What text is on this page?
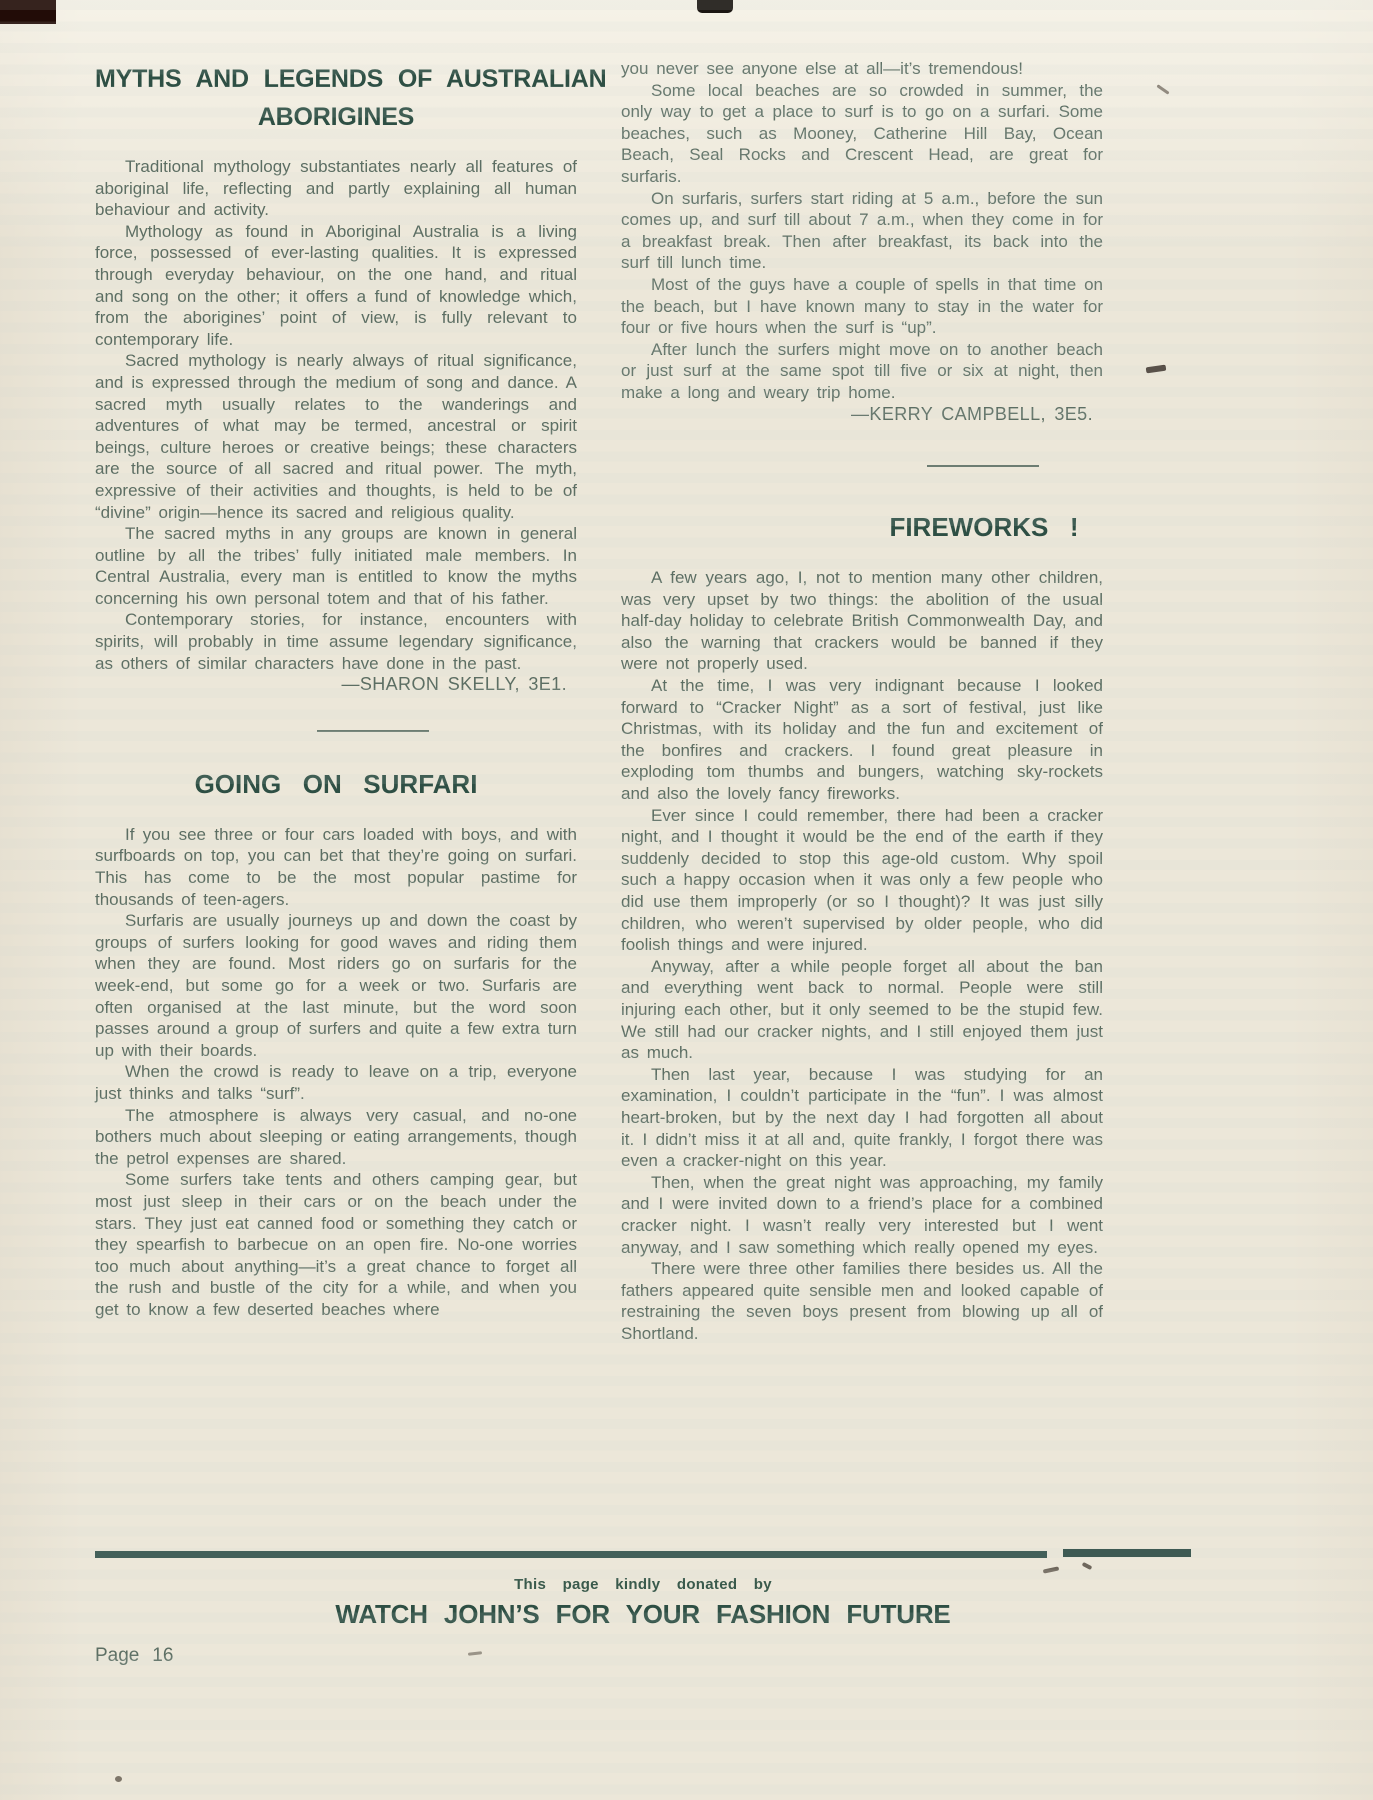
MYTHS AND LEGENDS OF AUSTRALIAN
ABORIGINES

Traditional mythology substantiates nearly all features of aboriginal life, reflecting and partly explaining all human behaviour and activity.

Mythology as found in Aboriginal Australia is a living force, possessed of ever-lasting qualities. It is expressed through everyday behaviour, on the one hand, and ritual and song on the other; it offers a fund of knowledge which, from the aborigines’ point of view, is fully relevant to contemporary life.

Sacred mythology is nearly always of ritual significance, and is expressed through the medium of song and dance. A sacred myth usually relates to the wanderings and adventures of what may be termed, ancestral or spirit beings, culture heroes or creative beings; these characters are the source of all sacred and ritual power. The myth, expressive of their activities and thoughts, is held to be of “divine” origin—hence its sacred and religious quality.

The sacred myths in any groups are known in general outline by all the tribes’ fully initiated male members. In Central Australia, every man is entitled to know the myths concerning his own personal totem and that of his father.

Contemporary stories, for instance, encounters with spirits, will probably in time assume legendary significance, as others of similar characters have done in the past.

—SHARON SKELLY, 3E1.

GOING ON SURFARI

If you see three or four cars loaded with boys, and with surfboards on top, you can bet that they’re going on surfari. This has come to be the most popular pastime for thousands of teen-agers.

Surfaris are usually journeys up and down the coast by groups of surfers looking for good waves and riding them when they are found. Most riders go on surfaris for the week-end, but some go for a week or two. Surfaris are often organised at the last minute, but the word soon passes around a group of surfers and quite a few extra turn up with their boards.

When the crowd is ready to leave on a trip, everyone just thinks and talks “surf”.

The atmosphere is always very casual, and no-one bothers much about sleeping or eating arrangements, though the petrol expenses are shared.

Some surfers take tents and others camping gear, but most just sleep in their cars or on the beach under the stars. They just eat canned food or something they catch or they spearfish to barbecue on an open fire. No-one worries too much about anything—it’s a great chance to forget all the rush and bustle of the city for a while, and when you get to know a few deserted beaches where

you never see anyone else at all—it’s tremendous!

Some local beaches are so crowded in summer, the only way to get a place to surf is to go on a surfari. Some beaches, such as Mooney, Catherine Hill Bay, Ocean Beach, Seal Rocks and Crescent Head, are great for surfaris.

On surfaris, surfers start riding at 5 a.m., before the sun comes up, and surf till about 7 a.m., when they come in for a breakfast break. Then after breakfast, its back into the surf till lunch time.

Most of the guys have a couple of spells in that time on the beach, but I have known many to stay in the water for four or five hours when the surf is “up”.

After lunch the surfers might move on to another beach or just surf at the same spot till five or six at night, then make a long and weary trip home.

—KERRY CAMPBELL, 3E5.

FIREWORKS !

A few years ago, I, not to mention many other children, was very upset by two things: the abolition of the usual half-day holiday to celebrate British Commonwealth Day, and also the warning that crackers would be banned if they were not properly used.

At the time, I was very indignant because I looked forward to “Cracker Night” as a sort of festival, just like Christmas, with its holiday and the fun and excitement of the bonfires and crackers. I found great pleasure in exploding tom thumbs and bungers, watching sky-rockets and also the lovely fancy fireworks.

Ever since I could remember, there had been a cracker night, and I thought it would be the end of the earth if they suddenly decided to stop this age-old custom. Why spoil such a happy occasion when it was only a few people who did use them improperly (or so I thought)? It was just silly children, who weren’t supervised by older people, who did foolish things and were injured.

Anyway, after a while people forget all about the ban and everything went back to normal. People were still injuring each other, but it only seemed to be the stupid few. We still had our cracker nights, and I still enjoyed them just as much.

Then last year, because I was studying for an examination, I couldn’t participate in the “fun”. I was almost heart-broken, but by the next day I had forgotten all about it. I didn’t miss it at all and, quite frankly, I forgot there was even a cracker-night on this year.

Then, when the great night was approaching, my family and I were invited down to a friend’s place for a combined cracker night. I wasn’t really very interested but I went anyway, and I saw something which really opened my eyes.

There were three other families there besides us. All the fathers appeared quite sensible men and looked capable of restraining the seven boys present from blowing up all of Shortland.

This page kindly donated by

WATCH JOHN’S FOR YOUR FASHION FUTURE

Page 16
